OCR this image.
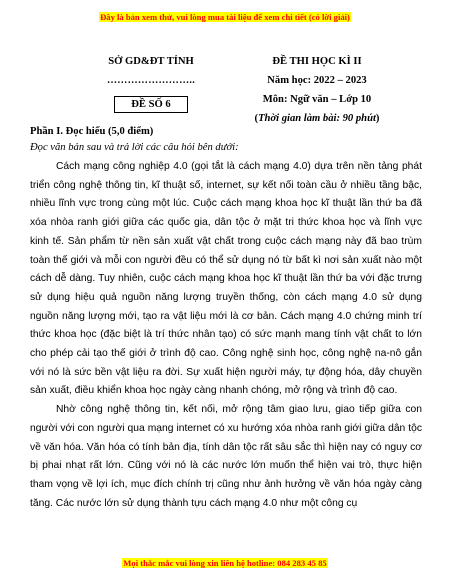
Đây là bản xem thử, vui lòng mua tài liệu để xem chi tiết (có lời giải)
SỞ GD&ĐT TỈNH
……………………..
ĐỀ SỐ 6
ĐỀ THI HỌC KÌ II
Năm học: 2022 – 2023
Môn: Ngữ văn – Lớp 10
(Thời gian làm bài: 90 phút)
Phần I. Đọc hiểu (5,0 điểm)
Đọc văn bản sau và trả lời các câu hỏi bên dưới:

Cách mạng công nghiệp 4.0 (gọi tắt là cách mạng 4.0) dựa trên nền tảng phát triển công nghệ thông tin, kĩ thuật số, internet, sự kết nối toàn cầu ở nhiều tầng bậc, nhiều lĩnh vực trong cùng một lúc. Cuộc cách mạng khoa học kĩ thuật lần thứ ba đã xóa nhòa ranh giới giữa các quốc gia, dân tộc ở mặt tri thức khoa học và lĩnh vực kinh tế. Sản phẩm từ nền sản xuất vật chất trong cuộc cách mạng này đã bao trùm toàn thế giới và mỗi con người đều có thể sử dụng nó từ bất kì nơi sản xuất nào một cách dễ dàng. Tuy nhiên, cuộc cách mạng khoa học kĩ thuật lần thứ ba với đặc trưng sử dụng hiệu quả nguồn năng lượng truyền thống, còn cách mạng 4.0 sử dụng nguồn năng lượng mới, tạo ra vật liệu mới là cơ bản. Cách mạng 4.0 chứng minh trí thức khoa học (đặc biệt là trí thức nhân tạo) có sức mạnh mang tính vật chất to lớn cho phép cải tạo thế giới ở trình độ cao. Công nghệ sinh học, công nghệ na-nô gắn với nó là sức bền vật liệu ra đời. Sự xuất hiện người máy, tự động hóa, dây chuyền sản xuất, điều khiển khoa học ngày càng nhanh chóng, mở rộng và trình độ cao.

Nhờ công nghệ thông tin, kết nối, mở rộng tâm giao lưu, giao tiếp giữa con người với con người qua mạng internet có xu hướng xóa nhòa ranh giới giữa dân tộc về văn hóa. Văn hóa có tính bản địa, tính dân tộc rất sâu sắc thì hiện nay có nguy cơ bị phai nhạt rất lớn. Cũng với nó là các nước lớn muốn thể hiện vai trò, thực hiện tham vọng về lợi ích, mục đích chính trị cũng như ảnh hưởng về văn hóa ngày càng tăng. Các nước lớn sử dụng thành tựu cách mạng 4.0 như một công cụ

Mọi thắc mắc vui lòng xin liên hệ hotline: 084 283 45 85
